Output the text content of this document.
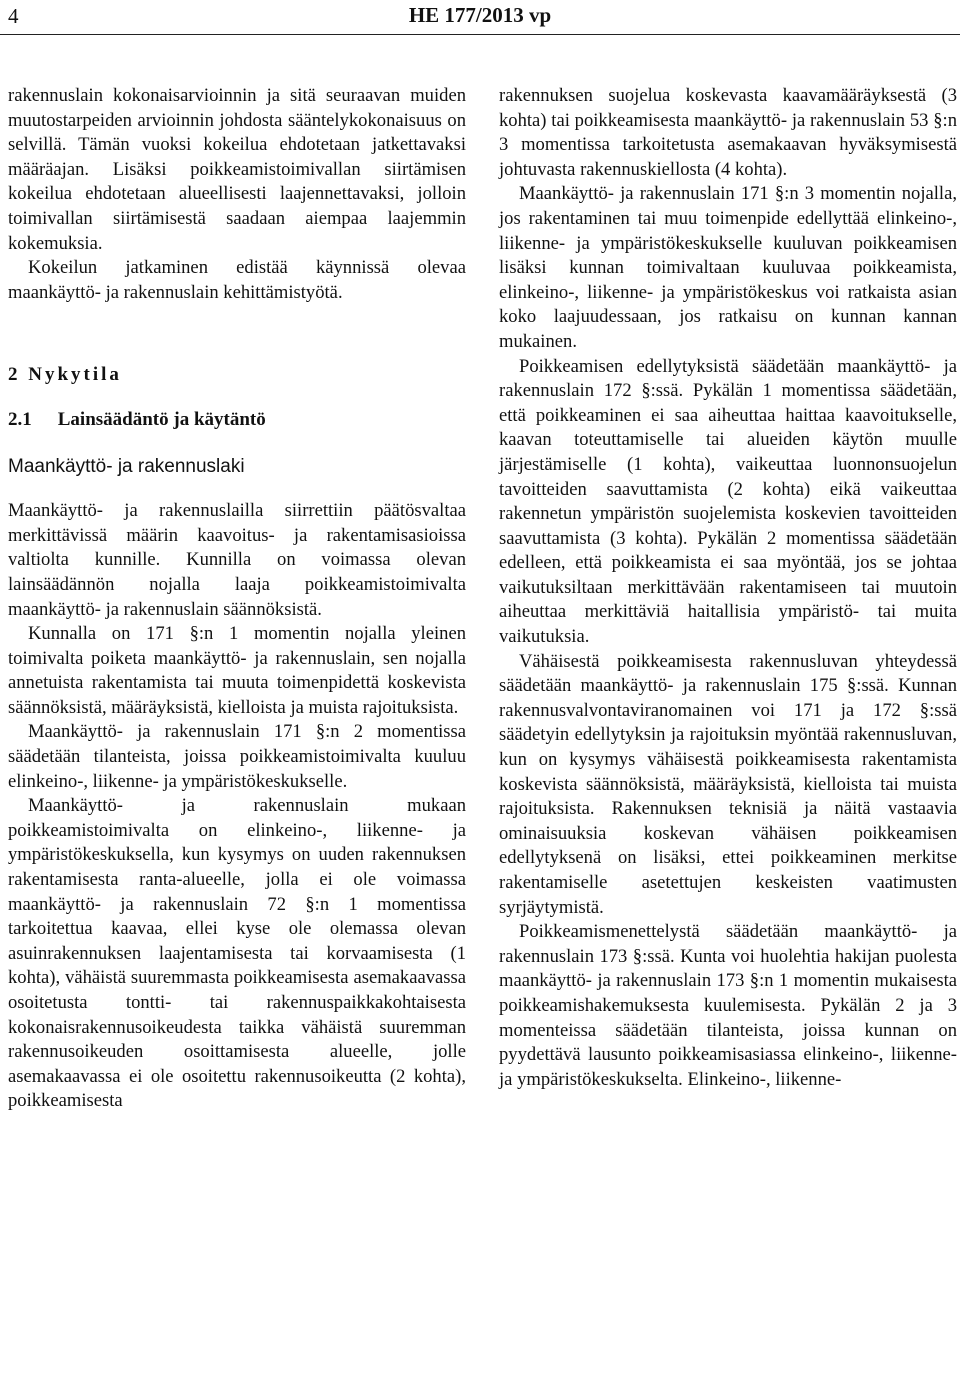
4	HE 177/2013 vp

rakennuslain kokonaisarvioinnin ja sitä seuraavan muiden muutostarpeiden arvioinnin johdosta sääntelykokonaisuus on selvillä. Tämän vuoksi kokeilua ehdotetaan jatkettavaksi määräajan. Lisäksi poikkeamistoimivallan siirtämisen kokeilua ehdotetaan alueellisesti laajennettavaksi, jolloin toimivallan siirtämisestä saadaan aiempaa laajemmin kokemuksia.

Kokeilun jatkaminen edistää käynnissä olevaa maankäyttö- ja rakennuslain kehittämistyötä.

2 Nykytila
2.1 Lainsäädäntö ja käytäntö
Maankäyttö- ja rakennuslaki

Maankäyttö- ja rakennuslailla siirrettiin päätösvaltaa merkittävissä määrin kaavoitus- ja rakentamisasioissa valtiolta kunnille. Kunnilla on voimassa olevan lainsäädännön nojalla laaja poikkeamistoimivalta maankäyttö- ja rakennuslain säännöksistä.

Kunnalla on 171 §:n 1 momentin nojalla yleinen toimivalta poiketa maankäyttö- ja rakennuslain, sen nojalla annetuista rakentamista tai muuta toimenpidettä koskevista säännöksistä, määräyksistä, kielloista ja muista rajoituksista.

Maankäyttö- ja rakennuslain 171 §:n 2 momentissa säädetään tilanteista, joissa poikkeamistoimivalta kuuluu elinkeino-, liikenne- ja ympäristökeskukselle.

Maankäyttö- ja rakennuslain mukaan poikkeamistoimivalta on elinkeino-, liikenne- ja ympäristökeskuksella, kun kysymys on uuden rakennuksen rakentamisesta ranta-alueelle, jolla ei ole voimassa maankäyttö- ja rakennuslain 72 §:n 1 momentissa tarkoitettua kaavaa, ellei kyse ole olemassa olevan asuinrakennuksen laajentamisesta tai korvaamisesta (1 kohta), vähäistä suuremmasta poikkeamisesta asemakaavassa osoitetusta tontti- tai rakennuspaikkakohtaisesta kokonaisrakennusoikeudesta taikka vähäistä suuremman rakennusoikeuden osoittamisesta alueelle, jolle asemakaavassa ei ole osoitettu rakennusoikeutta (2 kohta), poikkeamisesta

rakennuksen suojelua koskevasta kaavamääräyksestä (3 kohta) tai poikkeamisesta maankäyttö- ja rakennuslain 53 §:n 3 momentissa tarkoitetusta asemakaavan hyväksymisestä johtuvasta rakennuskiellosta (4 kohta).

Maankäyttö- ja rakennuslain 171 §:n 3 momentin nojalla, jos rakentaminen tai muu toimenpide edellyttää elinkeino-, liikenne- ja ympäristökeskukselle kuuluvan poikkeamisen lisäksi kunnan toimivaltaan kuuluvaa poikkeamista, elinkeino-, liikenne- ja ympäristökeskus voi ratkaista asian koko laajuudessaan, jos ratkaisu on kunnan kannan mukainen.

Poikkeamisen edellytyksistä säädetään maankäyttö- ja rakennuslain 172 §:ssä. Pykälän 1 momentissa säädetään, että poikkeaminen ei saa aiheuttaa haittaa kaavoitukselle, kaavan toteuttamiselle tai alueiden käytön muulle järjestämiselle (1 kohta), vaikeuttaa luonnonsuojelun tavoitteiden saavuttamista (2 kohta) eikä vaikeuttaa rakennetun ympäristön suojelemista koskevien tavoitteiden saavuttamista (3 kohta). Pykälän 2 momentissa säädetään edelleen, että poikkeamista ei saa myöntää, jos se johtaa vaikutuksiltaan merkittävään rakentamiseen tai muutoin aiheuttaa merkittäviä haitallisia ympäristö- tai muita vaikutuksia.

Vähäisestä poikkeamisesta rakennusluvan yhteydessä säädetään maankäyttö- ja rakennuslain 175 §:ssä. Kunnan rakennusvalvontaviranomainen voi 171 ja 172 §:ssä säädetyin edellytyksin ja rajoituksin myöntää rakennusluvan, kun on kysymys vähäisestä poikkeamisesta rakentamista koskevista säännöksistä, määräyksistä, kielloista tai muista rajoituksista. Rakennuksen teknisiä ja näitä vastaavia ominaisuuksia koskevan vähäisen poikkeamisen edellytyksenä on lisäksi, ettei poikkeaminen merkitse rakentamiselle asetettujen keskeisten vaatimusten syrjäytymistä.

Poikkeamismenettelystä säädetään maankäyttö- ja rakennuslain 173 §:ssä. Kunta voi huolehtia hakijan puolesta maankäyttö- ja rakennuslain 173 §:n 1 momentin mukaisesta poikkeamishakemuksesta kuulemisesta. Pykälän 2 ja 3 momenteissa säädetään tilanteista, joissa kunnan on pyydettävä lausunto poikkeamisasiassa elinkeino-, liikenne- ja ympäristökeskukselta. Elinkeino-, liikenne-
